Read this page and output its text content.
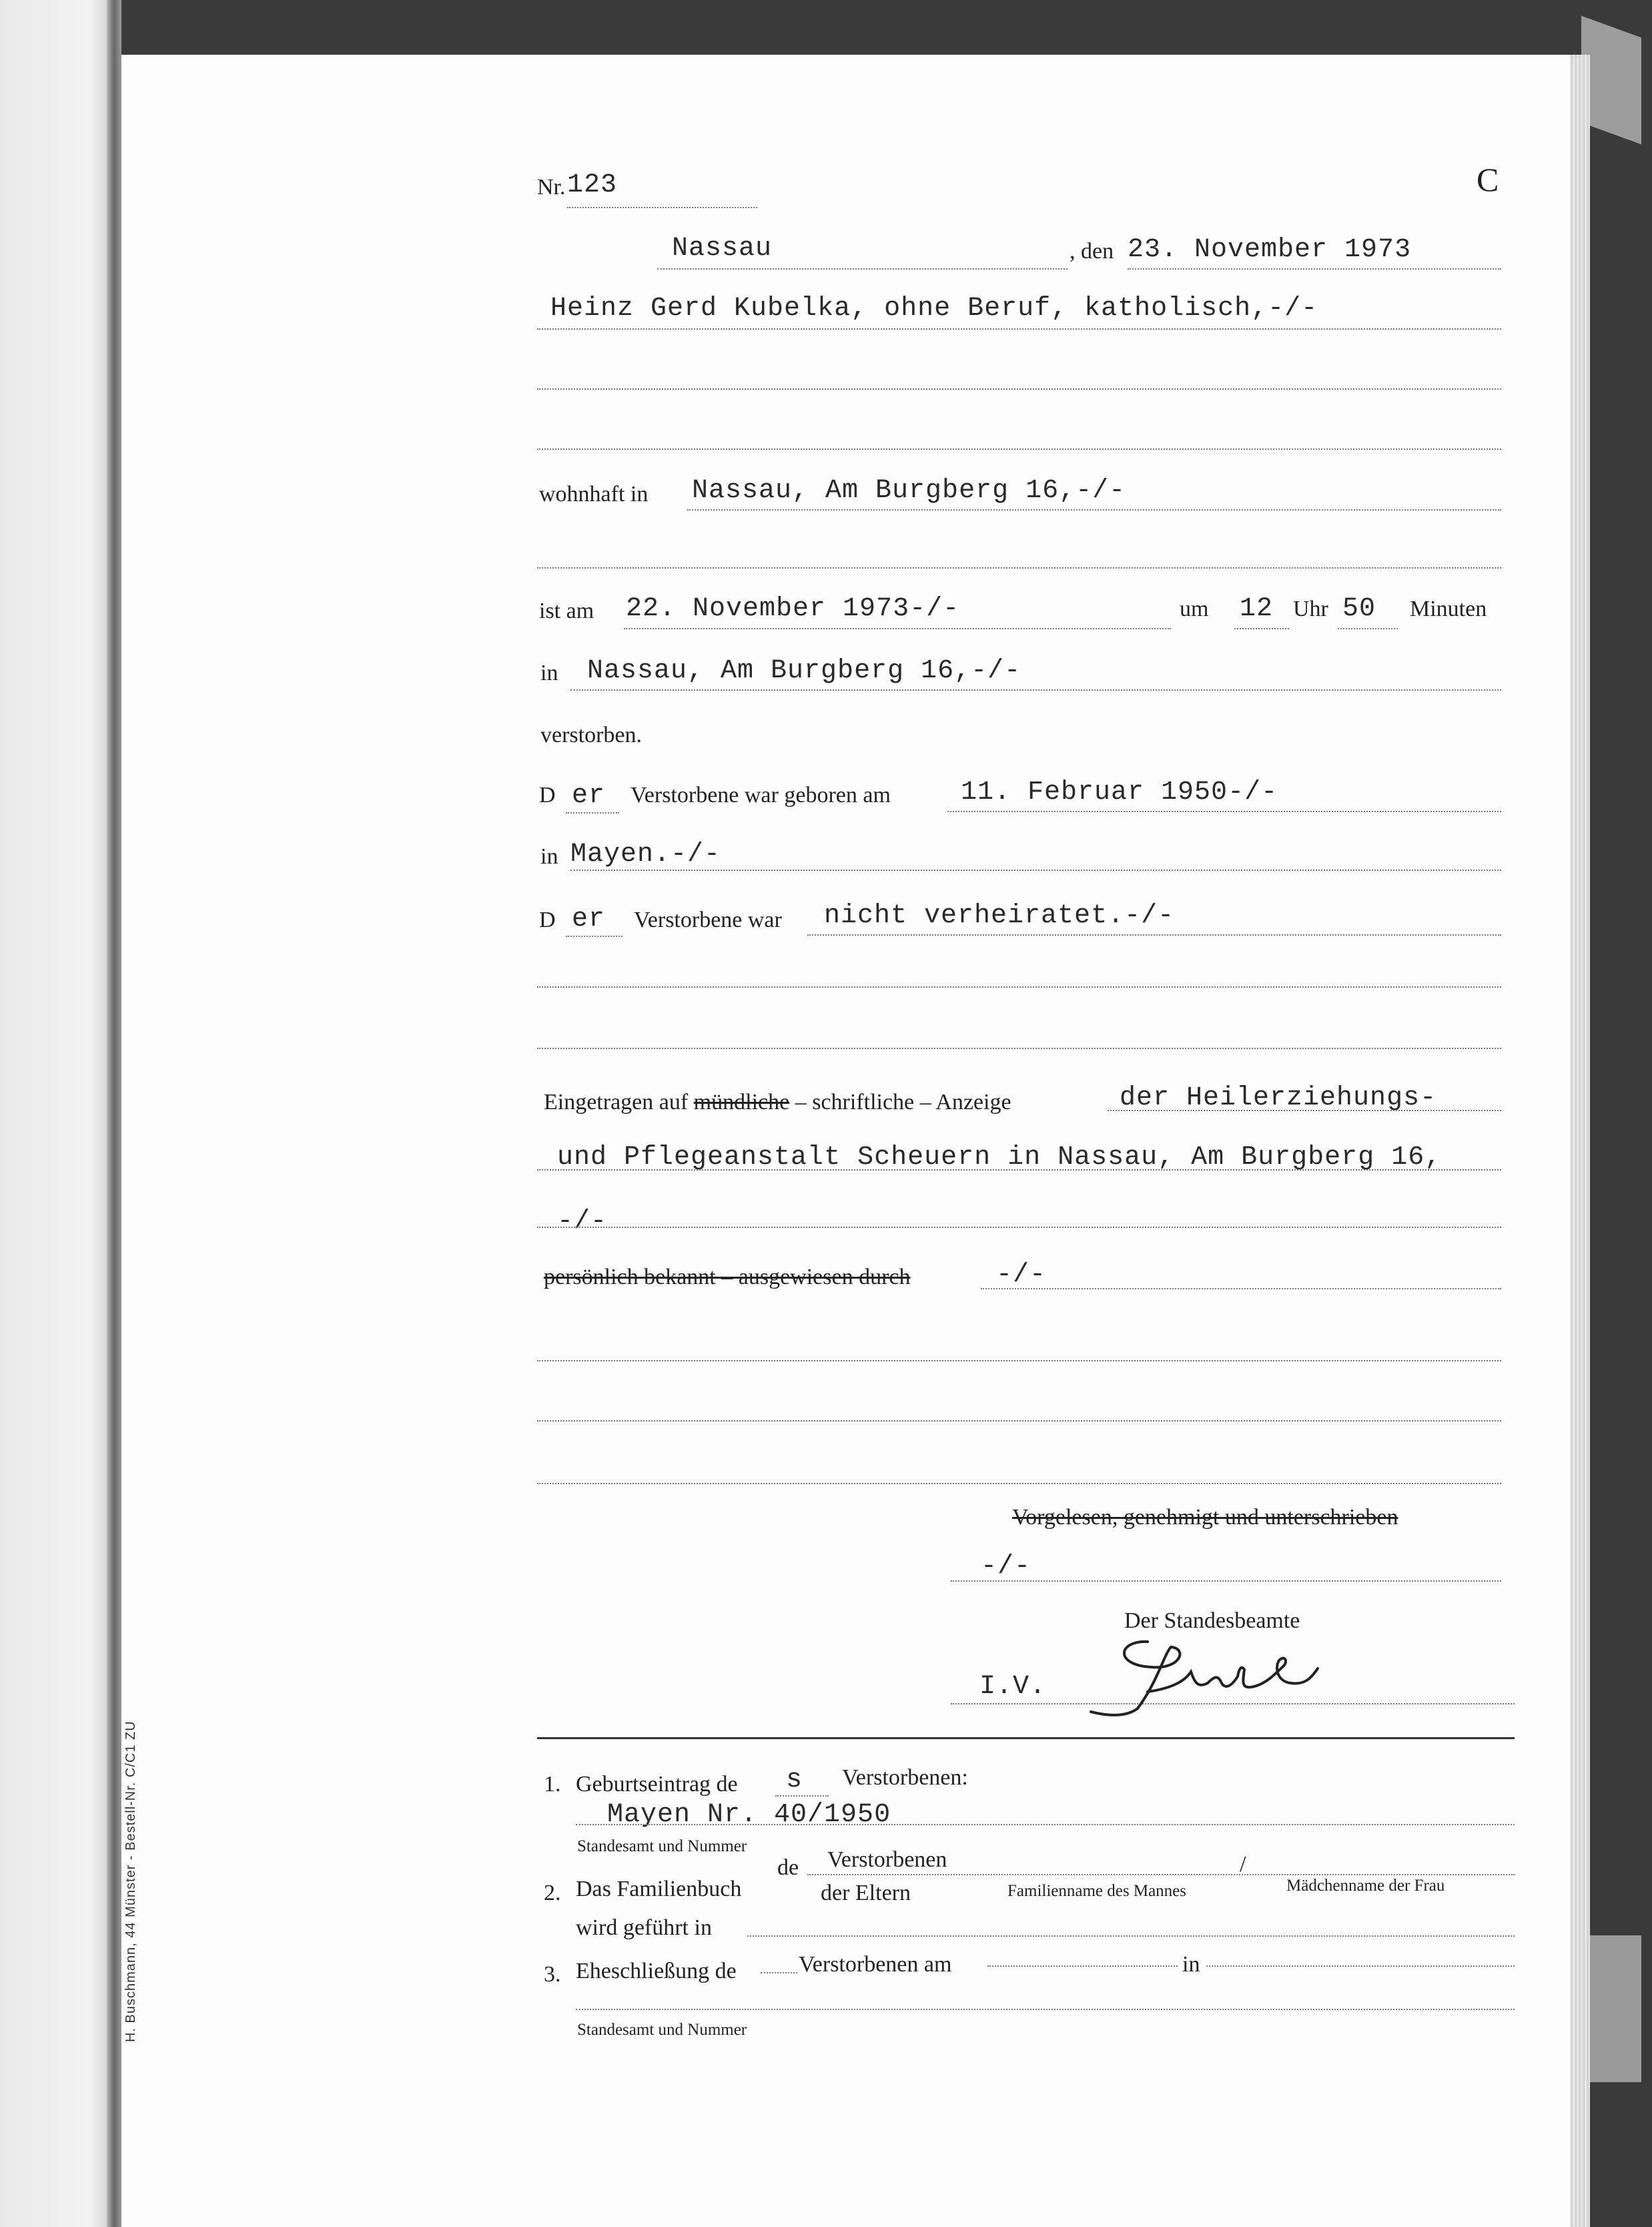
Nr. 123	C
Nassau	, den 23. November 1973
Heinz Gerd Kubelka, ohne Beruf, katholisch,-/-
wohnhaft in Nassau, Am Burgberg 16,-/-
ist am 22. November 1973-/-	um 12 Uhr 50 Minuten
in Nassau, Am Burgberg 16,-/-
verstorben.
D er Verstorbene war geboren am	11. Februar 1950-/-
in Mayen.-/-
D er Verstorbene war nicht verheiratet.-/-
Eingetragen auf mündliche – schriftliche – Anzeige	der Heilerziehungs-
und Pflegeanstalt Scheuern in Nassau, Am Burgberg 16,
-/-
persönlich bekannt – ausgewiesen durch	-/-
Vorgelesen, genehmigt und unterschrieben
-/-
Der Standesbeamte
I.V.
1. Geburtseintrag de s Verstorbenen:
Mayen Nr. 40/1950
Standesamt und Nummer
2. Das Familienbuch
de Verstorbenen
der Eltern
/
Familienname des Mannes	Mädchenname der Frau
wird geführt in
3. Eheschließung de	Verstorbenen am	in
Standesamt und Nummer
H. Buschmann, 44 Münster - Bestell-Nr. C/C1 ZU
